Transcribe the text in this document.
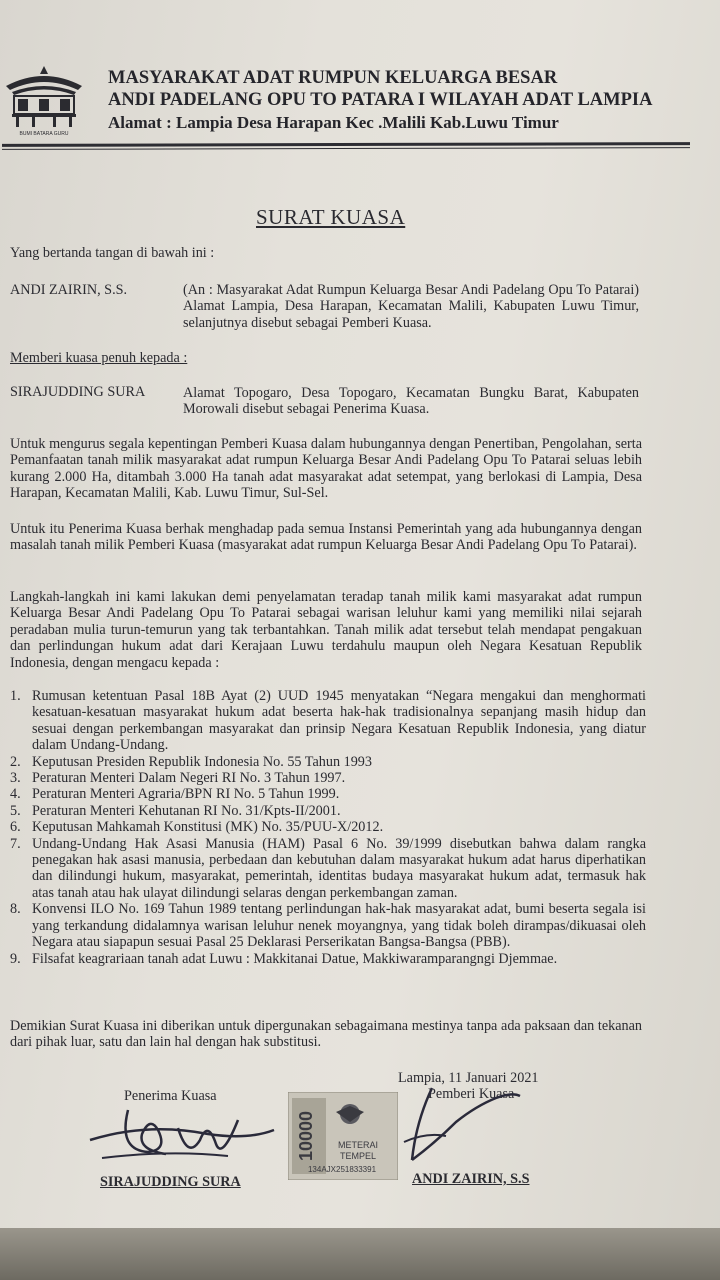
BUMI BATARA GURU
MASYARAKAT ADAT RUMPUN KELUARGA BESAR
ANDI PADELANG OPU TO PATARA I WILAYAH ADAT LAMPIA
Alamat : Lampia Desa Harapan Kec .Malili Kab.Luwu Timur
SURAT KUASA
Yang bertanda tangan di bawah ini :
ANDI ZAIRIN, S.S.	(An : Masyarakat Adat Rumpun Keluarga Besar Andi Padelang Opu To Patarai) Alamat Lampia, Desa Harapan, Kecamatan Malili, Kabupaten Luwu Timur, selanjutnya disebut sebagai Pemberi Kuasa.
Memberi kuasa penuh kepada :
SIRAJUDDING SURA	Alamat Topogaro, Desa Topogaro, Kecamatan Bungku Barat, Kabupaten Morowali disebut sebagai Penerima Kuasa.
Untuk mengurus segala kepentingan Pemberi Kuasa dalam hubungannya dengan Penertiban, Pengolahan, serta Pemanfaatan tanah milik masyarakat adat rumpun Keluarga Besar Andi Padelang Opu To Patarai seluas lebih kurang 2.000 Ha, ditambah 3.000 Ha tanah adat masyarakat adat setempat, yang berlokasi di Lampia, Desa Harapan, Kecamatan Malili, Kab. Luwu Timur, Sul-Sel.
Untuk itu Penerima Kuasa berhak menghadap pada semua Instansi Pemerintah yang ada hubungannya dengan masalah tanah milik Pemberi Kuasa (masyarakat adat rumpun Keluarga Besar Andi Padelang Opu To Patarai).
Langkah-langkah ini kami lakukan demi penyelamatan teradap tanah milik kami masyarakat adat rumpun Keluarga Besar Andi Padelang Opu To Patarai sebagai warisan leluhur kami yang memiliki nilai sejarah peradaban mulia turun-temurun yang tak terbantahkan. Tanah milik adat tersebut telah mendapat pengakuan dan perlindungan hukum adat dari Kerajaan Luwu terdahulu maupun oleh Negara Kesatuan Republik Indonesia, dengan mengacu kepada :
1. Rumusan ketentuan Pasal 18B Ayat (2) UUD 1945 menyatakan “Negara mengakui dan menghormati kesatuan-kesatuan masyarakat hukum adat beserta hak-hak tradisionalnya sepanjang masih hidup dan sesuai dengan perkembangan masyarakat dan prinsip Negara Kesatuan Republik Indonesia, yang diatur dalam Undang-Undang.
2. Keputusan Presiden Republik Indonesia No. 55 Tahun 1993
3. Peraturan Menteri Dalam Negeri RI No. 3 Tahun 1997.
4. Peraturan Menteri Agraria/BPN RI No. 5 Tahun 1999.
5. Peraturan Menteri Kehutanan RI No. 31/Kpts-II/2001.
6. Keputusan Mahkamah Konstitusi (MK) No. 35/PUU-X/2012.
7. Undang-Undang Hak Asasi Manusia (HAM) Pasal 6 No. 39/1999 disebutkan bahwa dalam rangka penegakan hak asasi manusia, perbedaan dan kebutuhan dalam masyarakat hukum adat harus diperhatikan dan dilindungi hukum, masyarakat, pemerintah, identitas budaya masyarakat hukum adat, termasuk hak atas tanah atau hak ulayat dilindungi selaras dengan perkembangan zaman.
8. Konvensi ILO No. 169 Tahun 1989 tentang perlindungan hak-hak masyarakat adat, bumi beserta segala isi yang terkandung didalamnya warisan leluhur nenek moyangnya, yang tidak boleh dirampas/dikuasai oleh Negara atau siapapun sesuai Pasal 25 Deklarasi Perserikatan Bangsa-Bangsa (PBB).
9. Filsafat keagrariaan tanah adat Luwu : Makkitanai Datue, Makkiwaramparangngi Djemmae.
Demikian Surat Kuasa ini diberikan untuk dipergunakan sebagaimana mestinya tanpa ada paksaan dan tekanan dari pihak luar, satu dan lain hal dengan hak substitusi.
Lampia, 11 Januari 2021
Penerima Kuasa	Pemberi Kuasa
10000 METERAI
TEMPEL
134AJX251833391
SIRAJUDDING SURA	ANDI ZAIRIN, S.S
